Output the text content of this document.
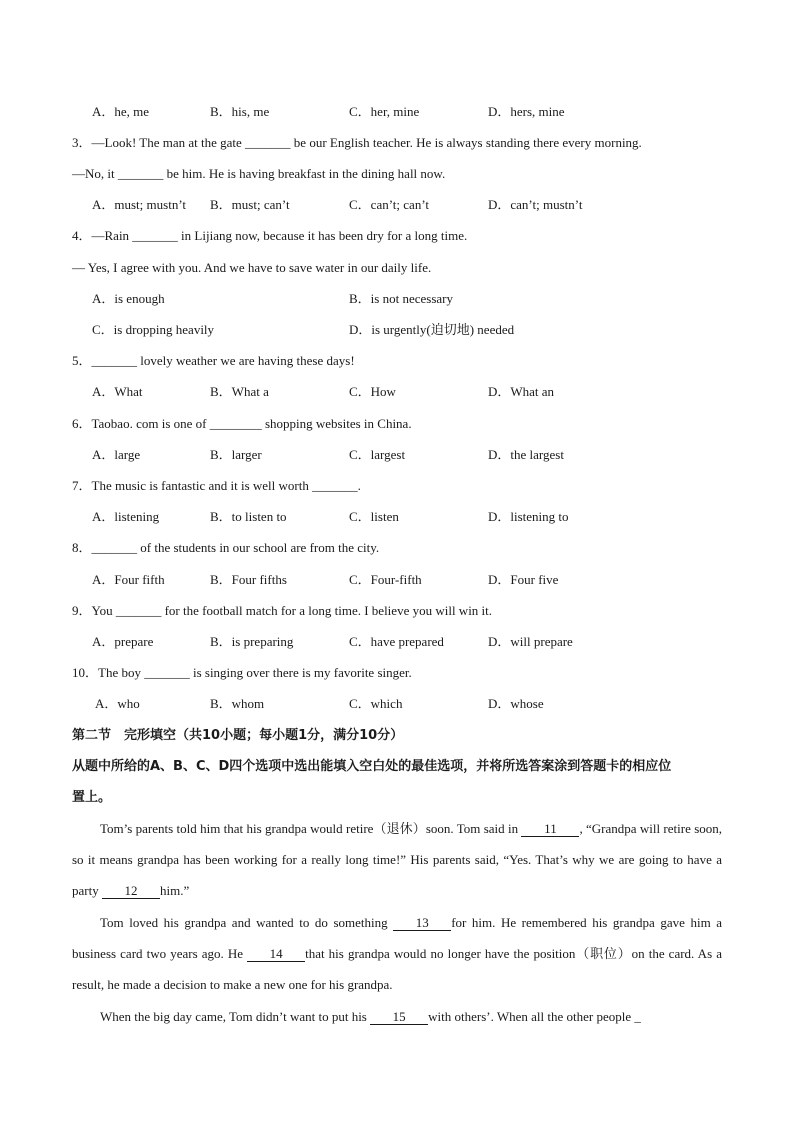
A．he, me	B．his, me	C．her, mine	D．hers, mine
3．—Look! The man at the gate _______ be our English teacher. He is always standing there every morning.
—No, it _______ be him. He is having breakfast in the dining hall now.
A．must; mustn’t B．must; can’t	C．can’t; can’t	D．can’t; mustn’t
4．—Rain _______ in Lijiang now, because it has been dry for a long time.
— Yes, I agree with you. And we have to save water in our daily life.
A．is enough	B．is not necessary
C．is dropping heavily	D．is urgently(迫切地) needed
5．_______ lovely weather we are having these days!
A．What	B．What a	C．How	D．What an
6．Taobao. com is one of ________ shopping websites in China.
A．large	B．larger	C．largest	D．the largest
7．The music is fantastic and it is well worth _______.
A．listening	B．to listen to	C．listen	D．listening to
8．_______ of the students in our school are from the city.
A．Four fifth	B．Four fifths	C．Four-fifth	D．Four five
9．You _______ for the football match for a long time. I believe you will win it.
A．prepare	B．is preparing	C．have prepared	D．will prepare
10．The boy _______ is singing over there is my favorite singer.
A．who	B．whom	C．which	D．whose
第二节　完形填空（共10小题；每小题1分，满分10分）
从题中所给的A、B、C、D四个选项中选出能填入空白处的最佳选项，并将所选答案涂到答题卡的相应位
置上。
Tom’s parents told him that his grandpa would retire（退休）soon. Tom said in 11 , “Grandpa will retire soon, so it means grandpa has been working for a really long time!” His parents said, “Yes. That’s why we are going to have a party 12 him.”
Tom loved his grandpa and wanted to do something 13 for him. He remembered his grandpa gave him a business card two years ago. He 14 that his grandpa would no longer have the position（职位）on the card. As a result, he made a decision to make a new one for his grandpa.
When the big day came, Tom didn’t want to put his 15 with others’. When all the other people _
